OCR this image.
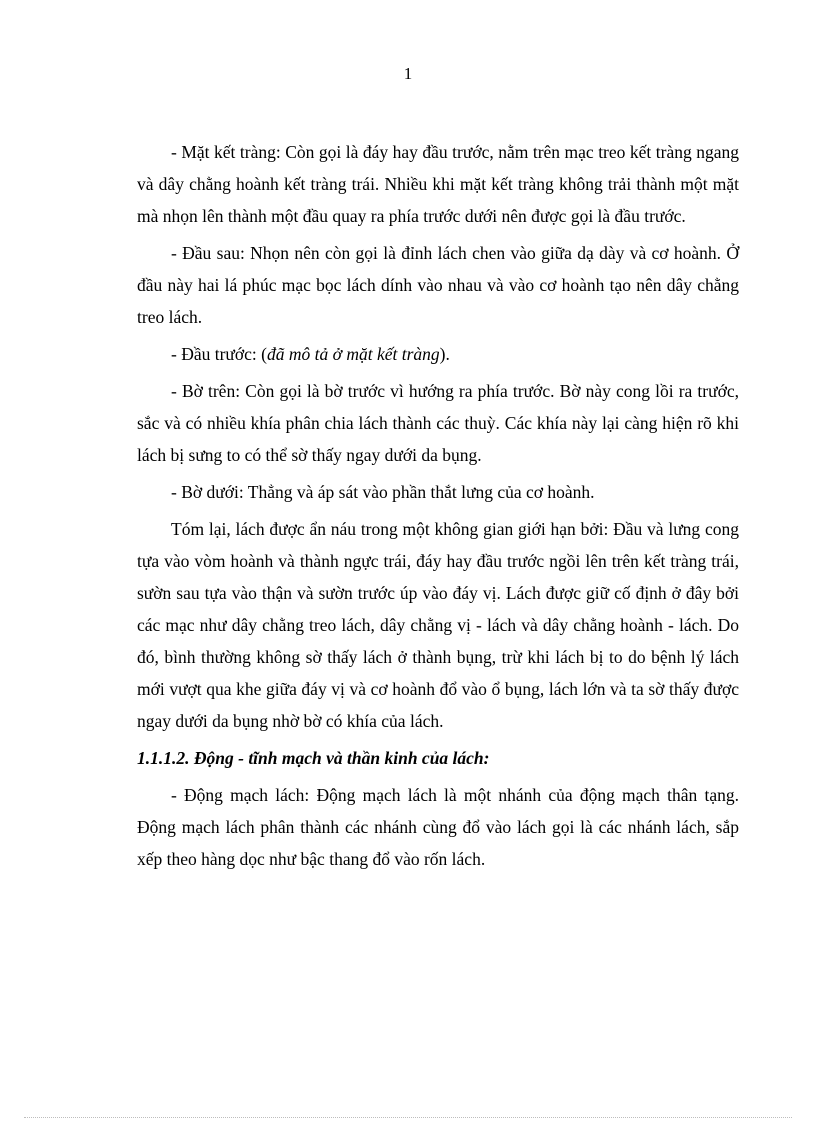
1

- Mặt kết tràng: Còn gọi là đáy hay đầu trước, nằm trên mạc treo kết tràng ngang và dây chằng hoành kết tràng trái. Nhiều khi mặt kết tràng không trải thành một mặt mà nhọn lên thành một đầu quay ra phía trước dưới nên được gọi là đầu trước.

- Đầu sau: Nhọn nên còn gọi là đỉnh lách chen vào giữa dạ dày và cơ hoành. Ở đầu này hai lá phúc mạc bọc lách dính vào nhau và vào cơ hoành tạo nên dây chằng treo lách.

- Đầu trước: (đã mô tả ở mặt kết tràng).

- Bờ trên: Còn gọi là bờ trước vì hướng ra phía trước. Bờ này cong lồi ra trước, sắc và có nhiều khía phân chia lách thành các thuỳ. Các khía này lại càng hiện rõ khi lách bị sưng to có thể sờ thấy ngay dưới da bụng.

- Bờ dưới: Thẳng và áp sát vào phần thắt lưng của cơ hoành.

Tóm lại, lách được ẩn náu trong một không gian giới hạn bởi: Đầu và lưng cong tựa vào vòm hoành và thành ngực trái, đáy hay đầu trước ngồi lên trên kết tràng trái, sườn sau tựa vào thận và sườn trước úp vào đáy vị. Lách được giữ cố định ở đây bởi các mạc như dây chằng treo lách, dây chằng vị - lách và dây chằng hoành - lách. Do đó, bình thường không sờ thấy lách ở thành bụng, trừ khi lách bị to do bệnh lý lách mới vượt qua khe giữa đáy vị và cơ hoành đổ vào ổ bụng, lách lớn và ta sờ thấy được ngay dưới da bụng nhờ bờ có khía của lách.

1.1.1.2. Động - tĩnh mạch và thần kinh của lách:

- Động mạch lách: Động mạch lách là một nhánh của động mạch thân tạng. Động mạch lách phân thành các nhánh cùng đổ vào lách gọi là các nhánh lách, sắp xếp theo hàng dọc như bậc thang đổ vào rốn lách.
